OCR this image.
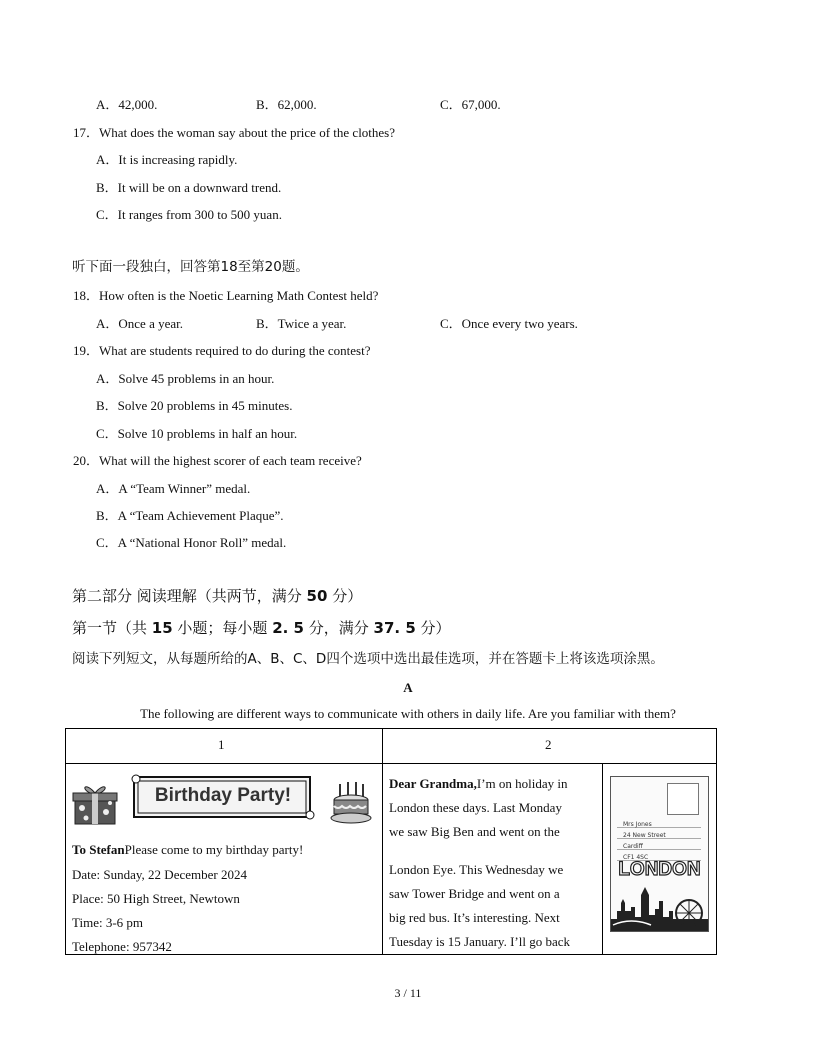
A．42,000.	B．62,000.	C．67,000.
17．What does the woman say about the price of the clothes?
A．It is increasing rapidly.
B．It will be on a downward trend.
C．It ranges from 300 to 500 yuan.
听下面一段独白，回答第18至第20题。
18．How often is the Noetic Learning Math Contest held?
A．Once a year.	B．Twice a year.	C．Once every two years.
19．What are students required to do during the contest?
A．Solve 45 problems in an hour.
B．Solve 20 problems in 45 minutes.
C．Solve 10 problems in half an hour.
20．What will the highest scorer of each team receive?
A．A “Team Winner” medal.
B．A “Team Achievement Plaque”.
C．A “National Honor Roll” medal.
第二部分 阅读理解（共两节，满分 50 分）
第一节（共 15 小题；每小题 2. 5 分，满分 37. 5 分）
阅读下列短文，从每题所给的A、B、C、D四个选项中选出最佳选项，并在答题卡上将该选项涂黑。
A
The following are different ways to communicate with others in daily life. Are you familiar with them?
1	2
Birthday Party!
To StefanPlease come to my birthday party!
Date: Sunday, 22 December 2024
Place: 50 High Street, Newtown
Time: 3-6 pm
Telephone: 957342
Dear Grandma,I’m on holiday in
London these days. Last Monday
we saw Big Ben and went on the
London Eye. This Wednesday we
saw Tower Bridge and went on a
big red bus. It’s interesting. Next
Tuesday is 15 January. I’ll go back
Mrs Jones
24 New Street
Cardiff
CF1 4SC
LONDON
3 / 11
